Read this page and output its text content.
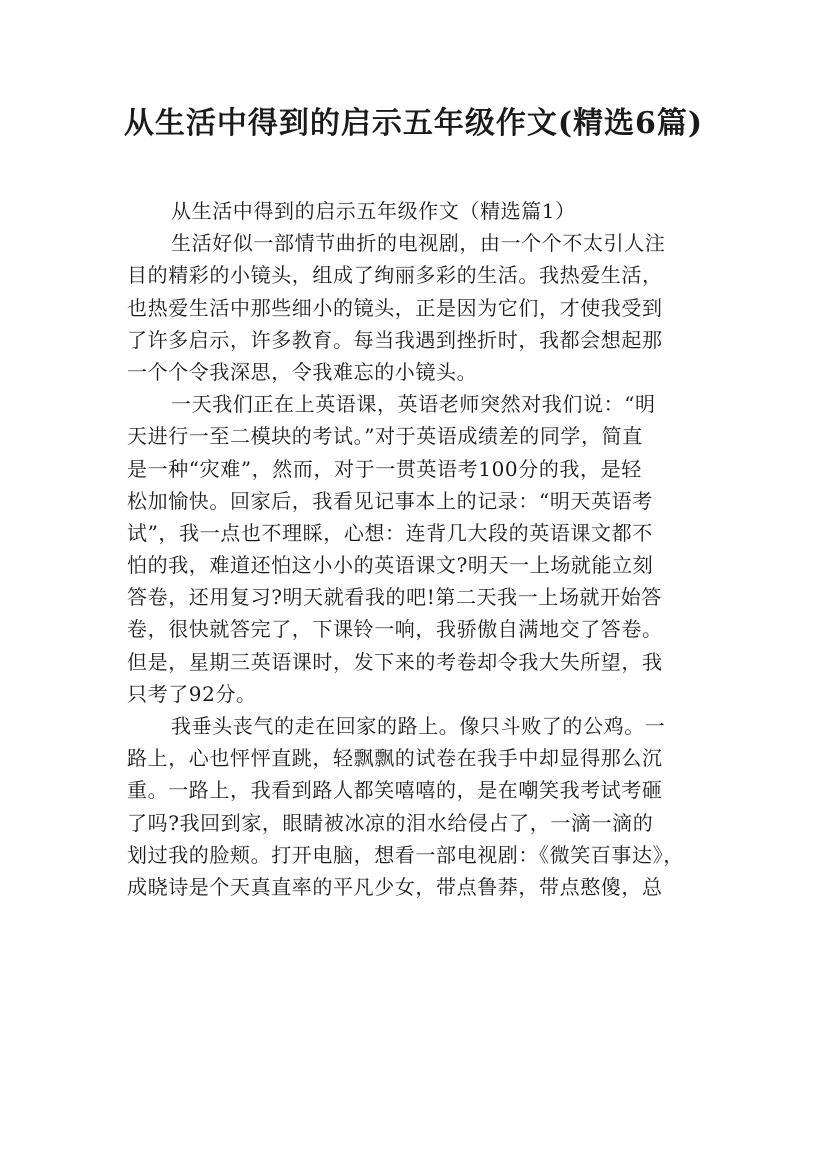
从生活中得到的启示五年级作文(精选6篇)
从生活中得到的启示五年级作文（精选篇1）
生活好似一部情节曲折的电视剧，由一个个不太引人注
目的精彩的小镜头，组成了绚丽多彩的生活。我热爱生活，
也热爱生活中那些细小的镜头，正是因为它们，才使我受到
了许多启示，许多教育。每当我遇到挫折时，我都会想起那
一个个令我深思，令我难忘的小镜头。
一天我们正在上英语课，英语老师突然对我们说：“明
天进行一至二模块的考试。”对于英语成绩差的同学，简直
是一种“灾难”，然而，对于一贯英语考100分的我，是轻
松加愉快。回家后，我看见记事本上的记录：“明天英语考
试”，我一点也不理睬，心想：连背几大段的英语课文都不
怕的我，难道还怕这小小的英语课文?明天一上场就能立刻
答卷，还用复习?明天就看我的吧!第二天我一上场就开始答
卷，很快就答完了，下课铃一响，我骄傲自满地交了答卷。
但是，星期三英语课时，发下来的考卷却令我大失所望，我
只考了92分。
我垂头丧气的走在回家的路上。像只斗败了的公鸡。一
路上，心也怦怦直跳，轻飘飘的试卷在我手中却显得那么沉
重。一路上，我看到路人都笑嘻嘻的，是在嘲笑我考试考砸
了吗?我回到家，眼睛被冰凉的泪水给侵占了，一滴一滴的
划过我的脸颊。打开电脑，想看一部电视剧：《微笑百事达》，
成晓诗是个天真直率的平凡少女，带点鲁莽，带点憨傻，总
